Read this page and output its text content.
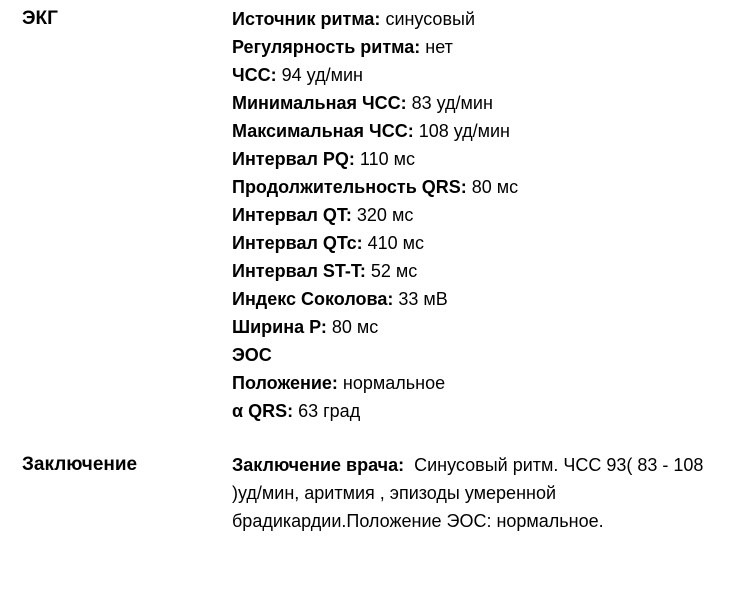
ЭКГ	Источник ритма: синусовый
Регулярность ритма: нет
ЧСС: 94 уд/мин
Минимальная ЧСС: 83 уд/мин
Максимальная ЧСС: 108 уд/мин
Интервал PQ: 110 мс
Продолжительность QRS: 80 мс
Интервал QT: 320 мс
Интервал QTc: 410 мс
Интервал ST-T: 52 мс
Индекс Соколова: 33 мВ
Ширина Р: 80 мс
ЭОС
Положение: нормальное
α QRS: 63 град
Заключение	Заключение врача:  Синусовый ритм. ЧСС 93( 83 - 108 )уд/мин, аритмия , эпизоды умеренной брадикардии.Положение ЭОС: нормальное.
